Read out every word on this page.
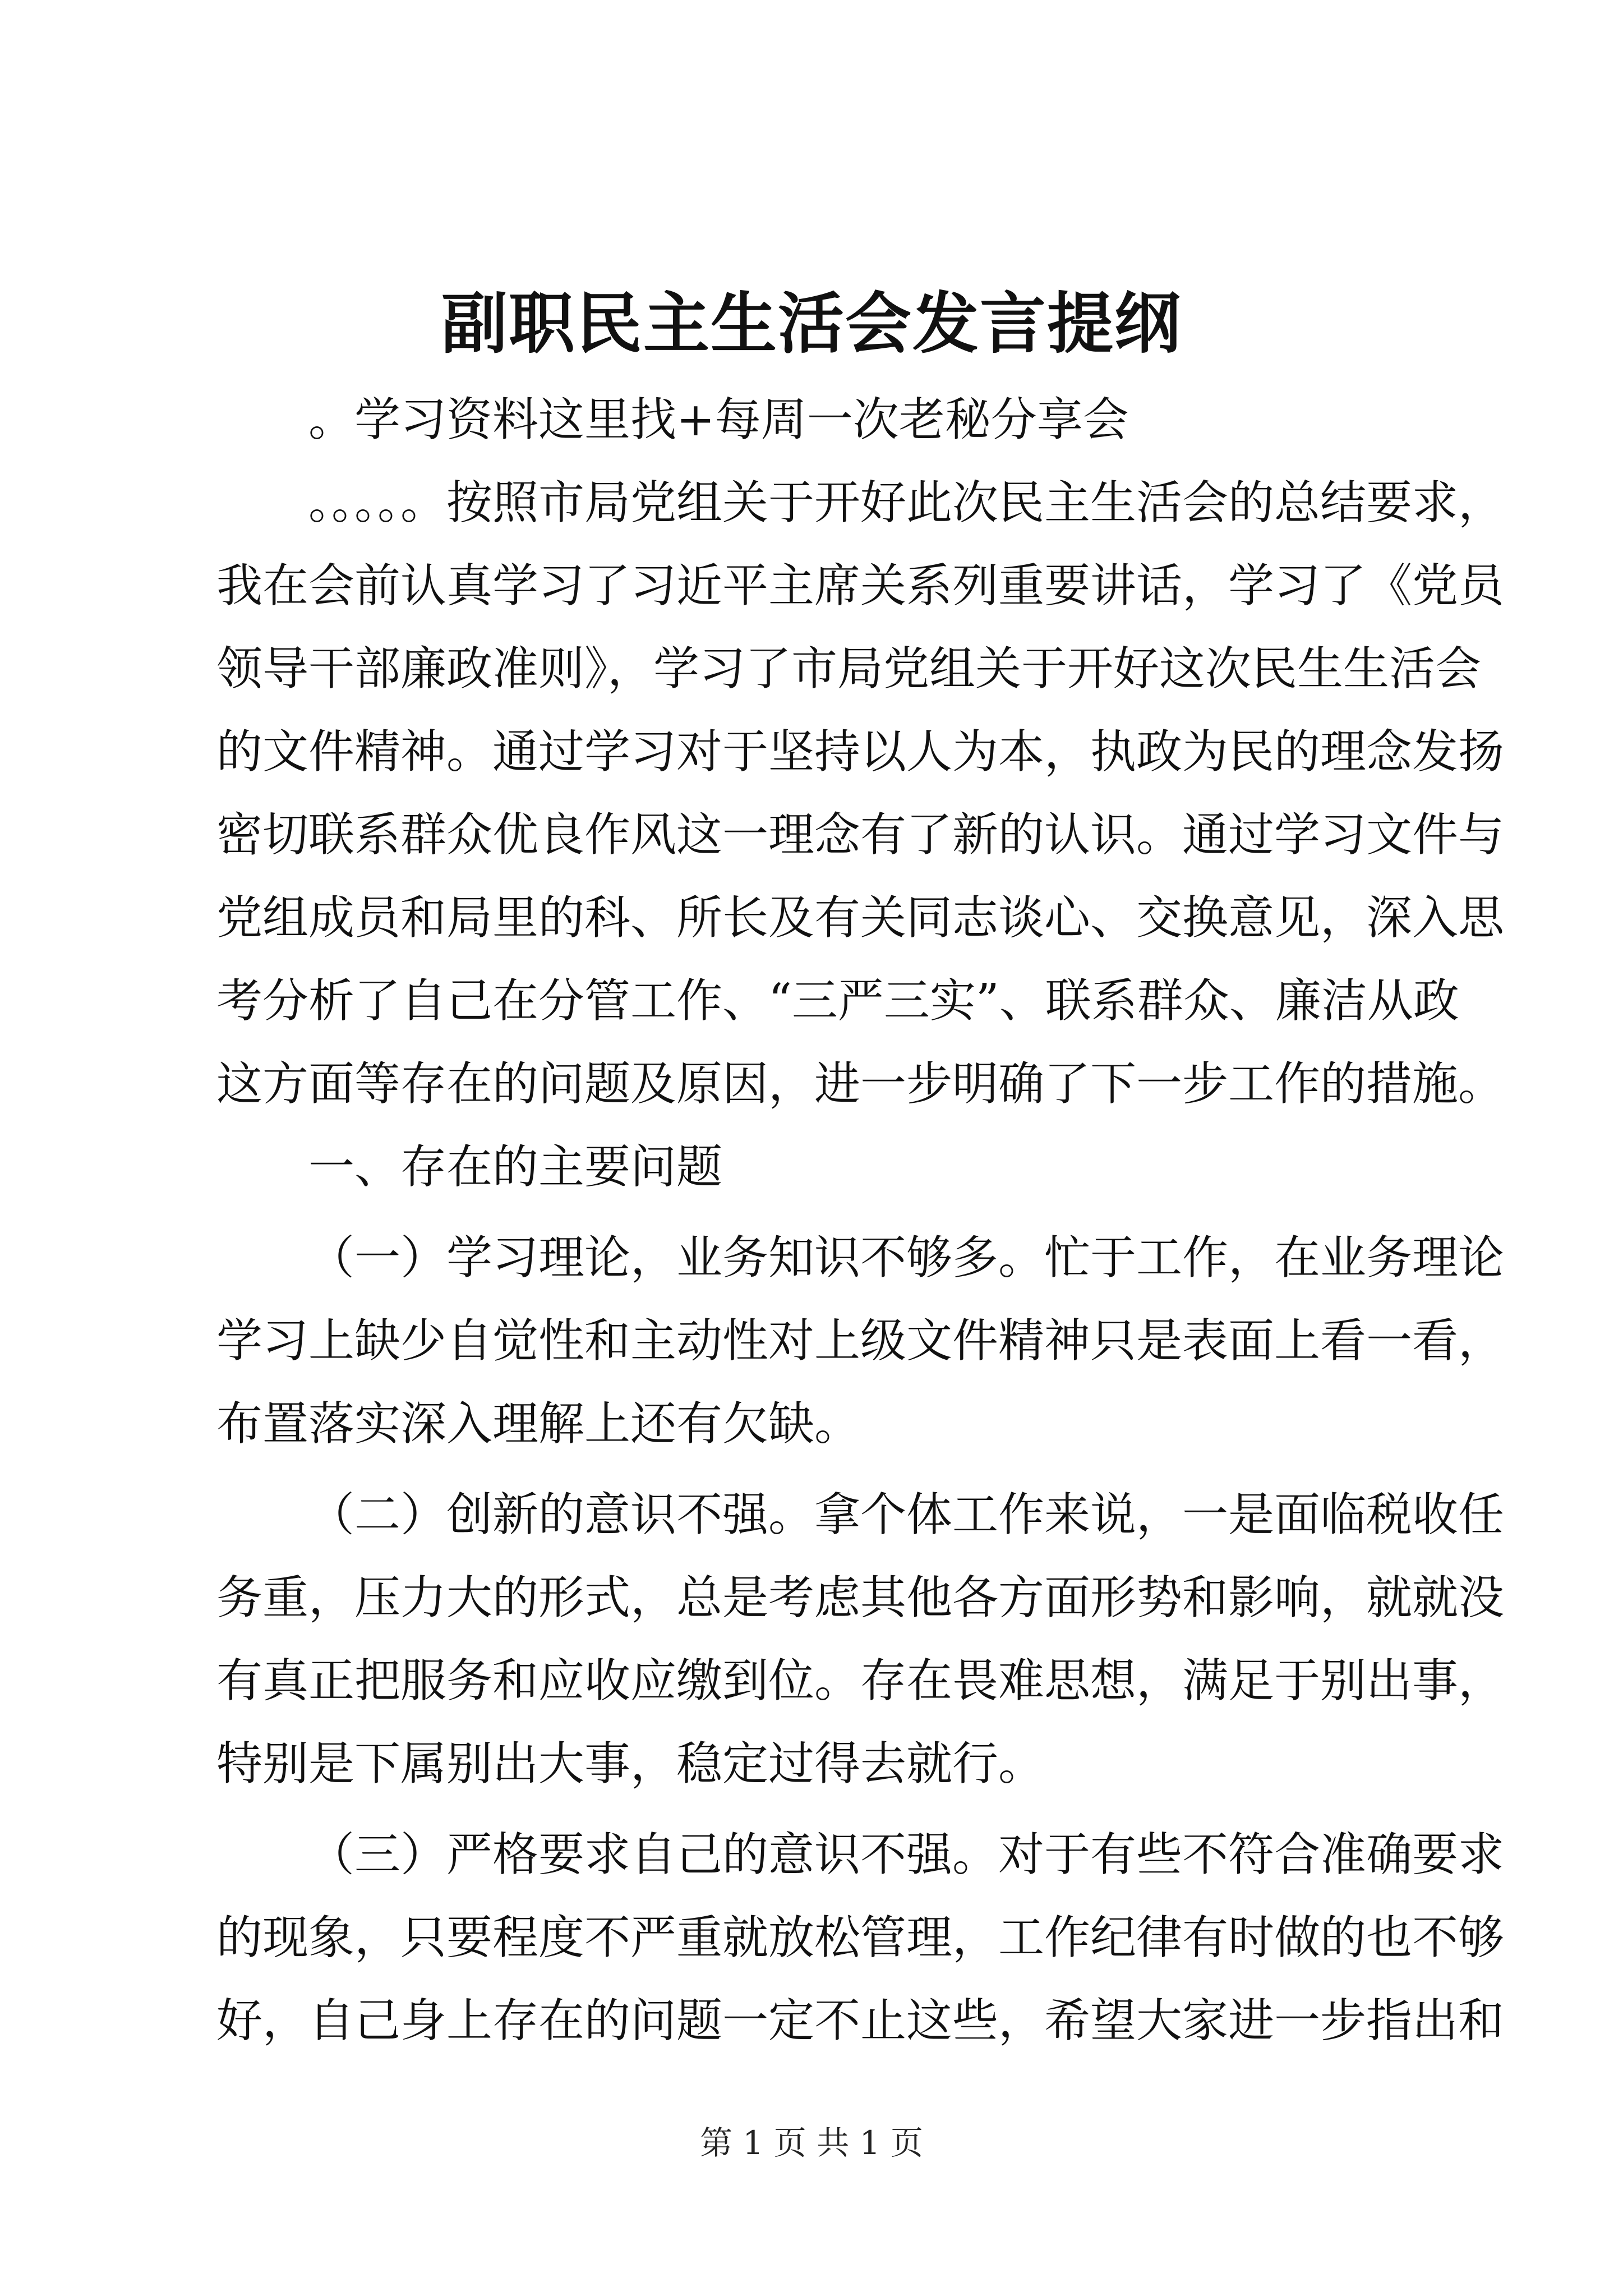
副职民主生活会发言提纲
。学习资料这里找+每周一次老秘分享会
。。。。。按照市局党组关于开好此次民主生活会的总结要求，
我在会前认真学习了习近平主席关系列重要讲话，学习了《党员
领导干部廉政准则》，学习了市局党组关于开好这次民生生活会
的文件精神。通过学习对于坚持以人为本，执政为民的理念发扬
密切联系群众优良作风这一理念有了新的认识。通过学习文件与
党组成员和局里的科、所长及有关同志谈心、交换意见，深入思
考分析了自己在分管工作、“三严三实”、联系群众、廉洁从政
这方面等存在的问题及原因，进一步明确了下一步工作的措施。
一、存在的主要问题
（一）学习理论，业务知识不够多。忙于工作，在业务理论
学习上缺少自觉性和主动性对上级文件精神只是表面上看一看，
布置落实深入理解上还有欠缺。
（二）创新的意识不强。拿个体工作来说，一是面临税收任
务重，压力大的形式，总是考虑其他各方面形势和影响，就就没
有真正把服务和应收应缴到位。存在畏难思想，满足于别出事，
特别是下属别出大事，稳定过得去就行。
（三）严格要求自己的意识不强。对于有些不符合准确要求
的现象，只要程度不严重就放松管理，工作纪律有时做的也不够
好，自己身上存在的问题一定不止这些，希望大家进一步指出和
第 1 页 共 1 页
